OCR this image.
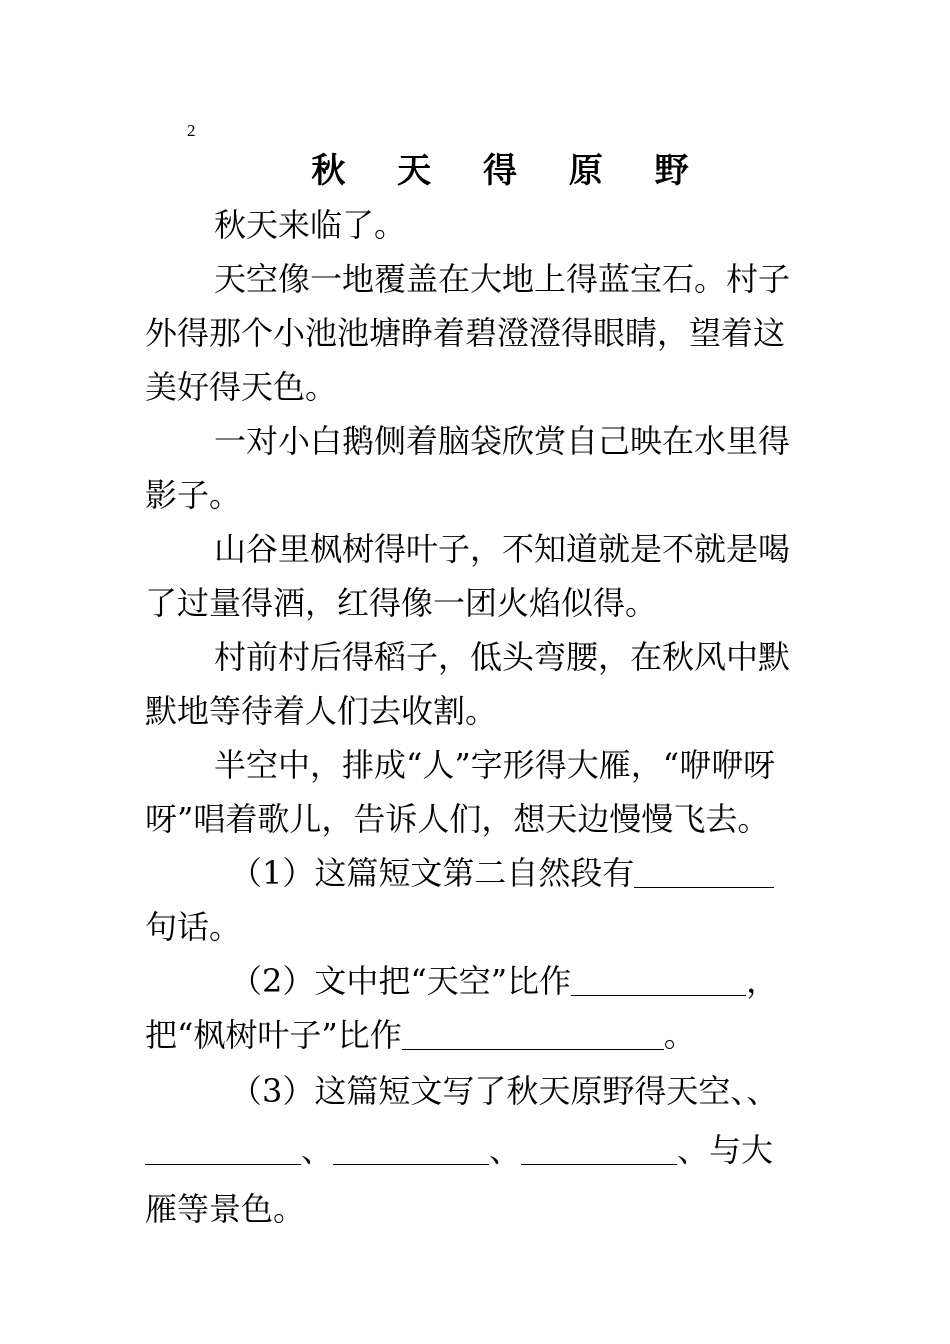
2
秋 天 得 原 野

秋天来临了。

天空像一地覆盖在大地上得蓝宝石。村子外得那个小池池塘睁着碧澄澄得眼睛，望着这美好得天色。

一对小白鹅侧着脑袋欣赏自己映在水里得影子。

山谷里枫树得叶子，不知道就是不就是喝了过量得酒，红得像一团火焰似得。

村前村后得稻子，低头弯腰，在秋风中默默地等待着人们去收割。

半空中，排成“人”字形得大雁，“咿咿呀呀”唱着歌儿，告诉人们，想天边慢慢飞去。

（1）这篇短文第二自然段有句话。

（2）文中把“天空”比作	，把“枫树叶子”比作	。

（3）这篇短文写了秋天原野得天空、、、	、	、与大雁等景色。
